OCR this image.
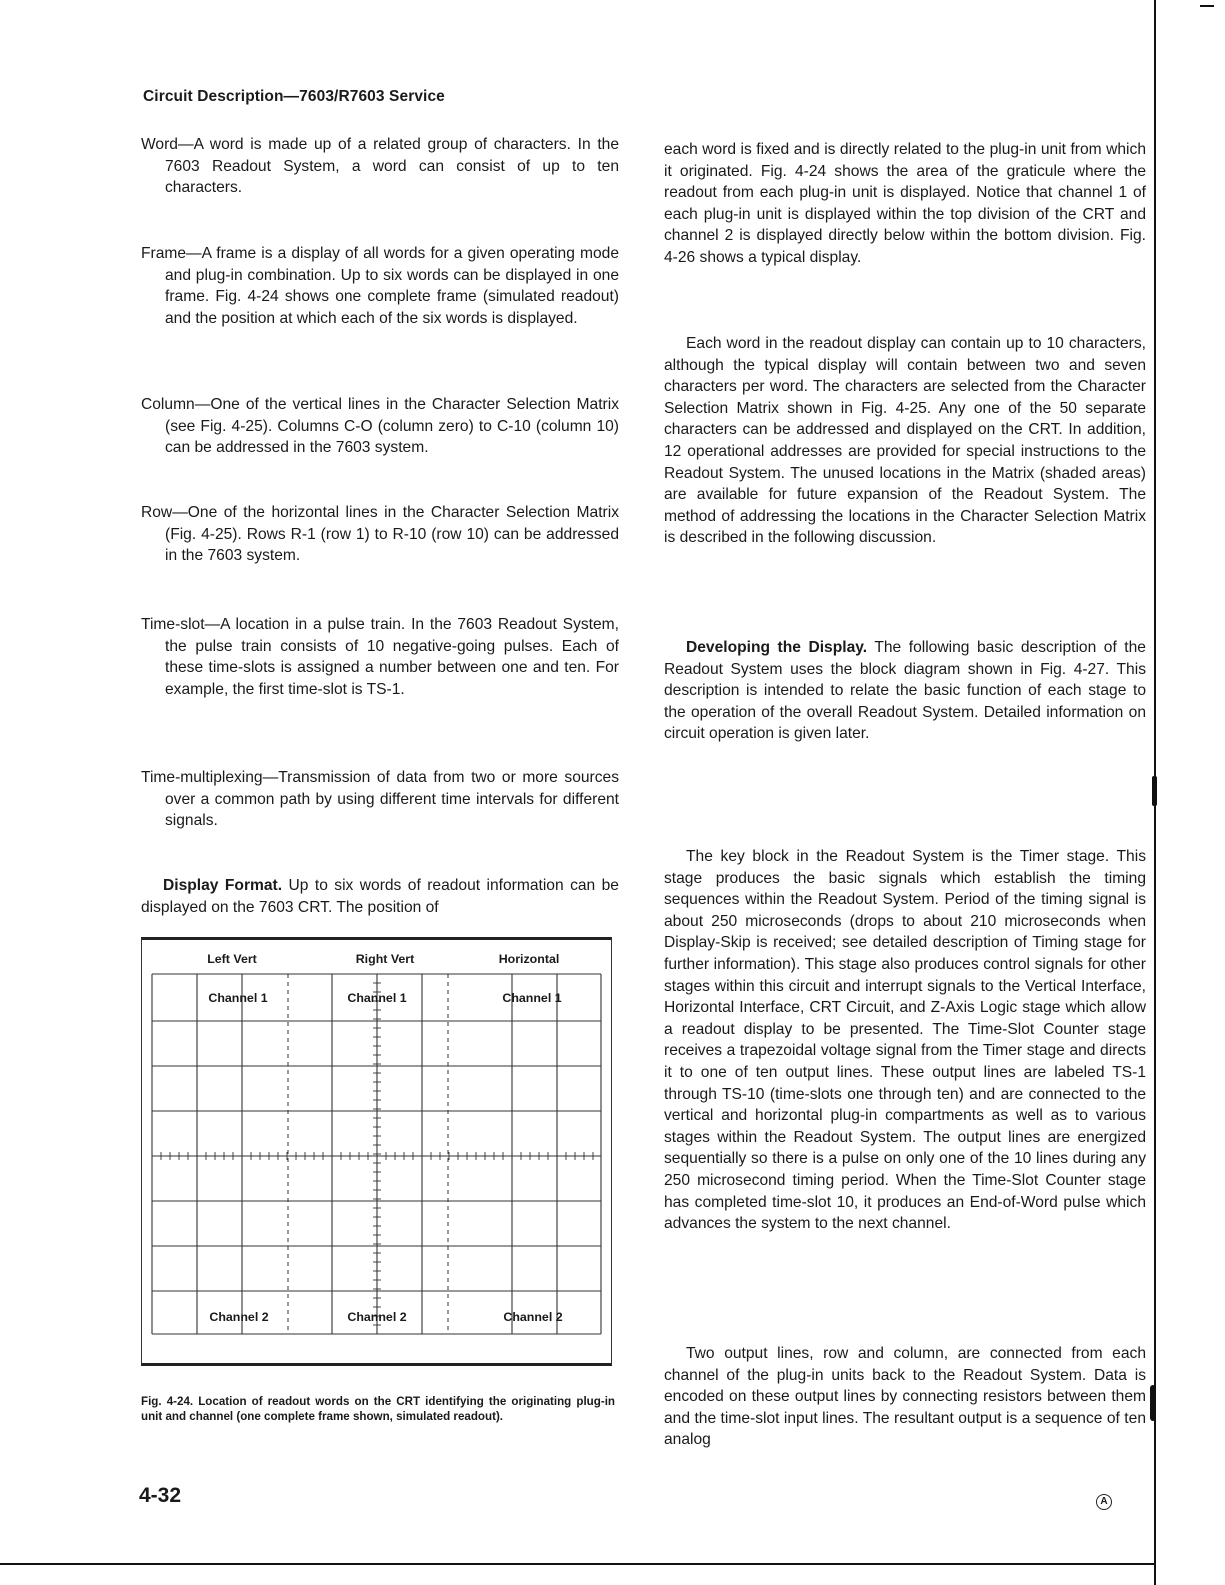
Circuit Description—7603/R7603 Service

Word—A word is made up of a related group of characters. In the 7603 Readout System, a word can consist of up to ten characters.

Frame—A frame is a display of all words for a given operating mode and plug-in combination. Up to six words can be displayed in one frame. Fig. 4-24 shows one complete frame (simulated readout) and the position at which each of the six words is displayed.

Column—One of the vertical lines in the Character Selection Matrix (see Fig. 4-25). Columns C-O (column zero) to C-10 (column 10) can be addressed in the 7603 system.

Row—One of the horizontal lines in the Character Selection Matrix (Fig. 4-25). Rows R-1 (row 1) to R-10 (row 10) can be addressed in the 7603 system.

Time-slot—A location in a pulse train. In the 7603 Readout System, the pulse train consists of 10 negative-going pulses. Each of these time-slots is assigned a number between one and ten. For example, the first time-slot is TS-1.

Time-multiplexing—Transmission of data from two or more sources over a common path by using different time intervals for different signals.

Display Format. Up to six words of readout information can be displayed on the 7603 CRT. The position of

Left Vert	Right Vert	Horizontal
Channel 1	Channel 1	Channel 1
Channel 2	Channel 2	Channel 2
Fig. 4-24. Location of readout words on the CRT identifying the originating plug-in unit and channel (one complete frame shown, simulated readout).

each word is fixed and is directly related to the plug-in unit from which it originated. Fig. 4-24 shows the area of the graticule where the readout from each plug-in unit is displayed. Notice that channel 1 of each plug-in unit is displayed within the top division of the CRT and channel 2 is displayed directly below within the bottom division. Fig. 4-26 shows a typical display.

Each word in the readout display can contain up to 10 characters, although the typical display will contain between two and seven characters per word. The characters are selected from the Character Selection Matrix shown in Fig. 4-25. Any one of the 50 separate characters can be addressed and displayed on the CRT. In addition, 12 operational addresses are provided for special instructions to the Readout System. The unused locations in the Matrix (shaded areas) are available for future expansion of the Readout System. The method of addressing the locations in the Character Selection Matrix is described in the following discussion.

Developing the Display. The following basic description of the Readout System uses the block diagram shown in Fig. 4-27. This description is intended to relate the basic function of each stage to the operation of the overall Readout System. Detailed information on circuit operation is given later.

The key block in the Readout System is the Timer stage. This stage produces the basic signals which establish the timing sequences within the Readout System. Period of the timing signal is about 250 microseconds (drops to about 210 microseconds when Display-Skip is received; see detailed description of Timing stage for further information). This stage also produces control signals for other stages within this circuit and interrupt signals to the Vertical Interface, Horizontal Interface, CRT Circuit, and Z-Axis Logic stage which allow a readout display to be presented. The Time-Slot Counter stage receives a trapezoidal voltage signal from the Timer stage and directs it to one of ten output lines. These output lines are labeled TS-1 through TS-10 (time-slots one through ten) and are connected to the vertical and horizontal plug-in compartments as well as to various stages within the Readout System. The output lines are energized sequentially so there is a pulse on only one of the 10 lines during any 250 microsecond timing period. When the Time-Slot Counter stage has completed time-slot 10, it produces an End-of-Word pulse which advances the system to the next channel.

Two output lines, row and column, are connected from each channel of the plug-in units back to the Readout System. Data is encoded on these output lines by connecting resistors between them and the time-slot input lines. The resultant output is a sequence of ten analog

4-32	A
